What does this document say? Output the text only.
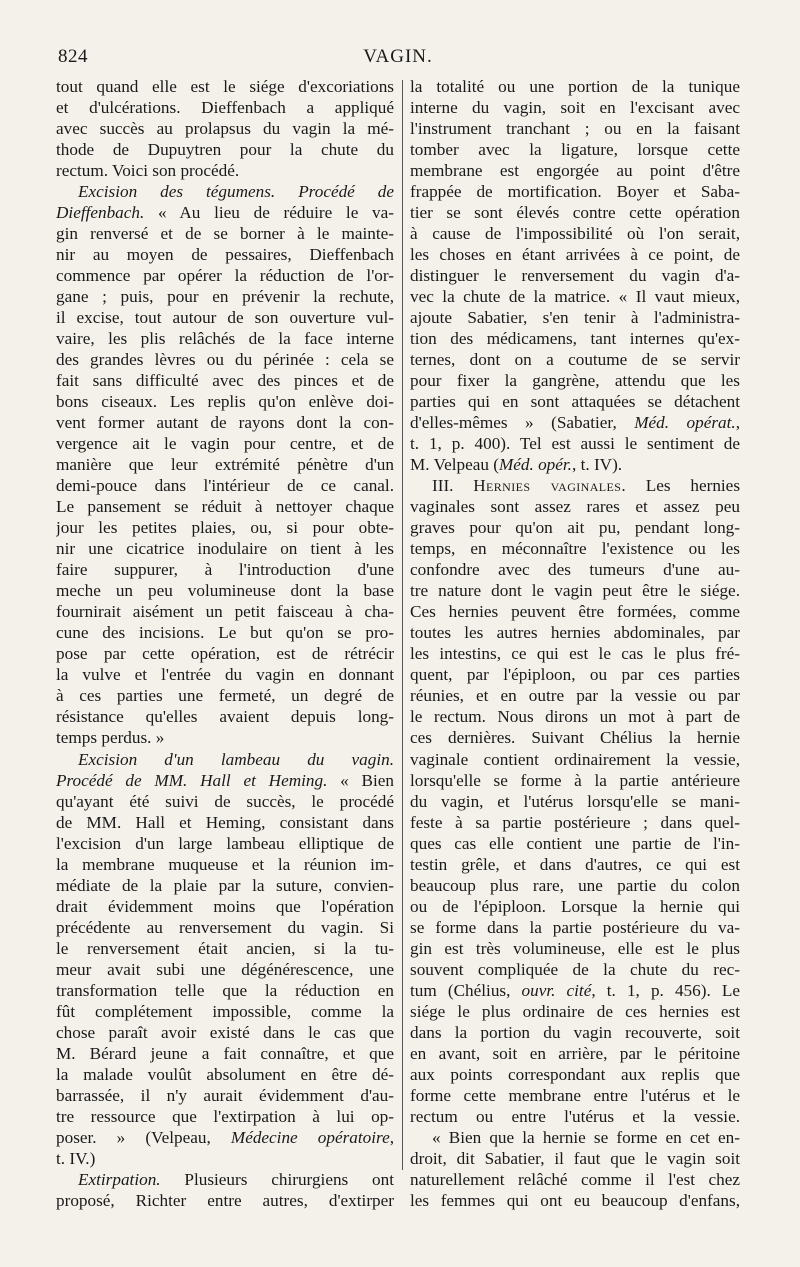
824	VAGIN.
tout quand elle est le siége d'excoriations
et d'ulcérations. Dieffenbach a appliqué
avec succès au prolapsus du vagin la mé-
thode de Dupuytren pour la chute du
rectum. Voici son procédé.
Excision des tégumens. Procédé de
Dieffenbach. « Au lieu de réduire le va-
gin renversé et de se borner à le mainte-
nir au moyen de pessaires, Dieffenbach
commence par opérer la réduction de l'or-
gane ; puis, pour en prévenir la rechute,
il excise, tout autour de son ouverture vul-
vaire, les plis relâchés de la face interne
des grandes lèvres ou du périnée : cela se
fait sans difficulté avec des pinces et de
bons ciseaux. Les replis qu'on enlève doi-
vent former autant de rayons dont la con-
vergence ait le vagin pour centre, et de
manière que leur extrémité pénètre d'un
demi-pouce dans l'intérieur de ce canal.
Le pansement se réduit à nettoyer chaque
jour les petites plaies, ou, si pour obte-
nir une cicatrice inodulaire on tient à les
faire suppurer, à l'introduction d'une
meche un peu volumineuse dont la base
fournirait aisément un petit faisceau à cha-
cune des incisions. Le but qu'on se pro-
pose par cette opération, est de rétrécir
la vulve et l'entrée du vagin en donnant
à ces parties une fermeté, un degré de
résistance qu'elles avaient depuis long-
temps perdus. »
Excision d'un lambeau du vagin.
Procédé de MM. Hall et Heming. « Bien
qu'ayant été suivi de succès, le procédé
de MM. Hall et Heming, consistant dans
l'excision d'un large lambeau elliptique de
la membrane muqueuse et la réunion im-
médiate de la plaie par la suture, convien-
drait évidemment moins que l'opération
précédente au renversement du vagin. Si
le renversement était ancien, si la tu-
meur avait subi une dégénérescence, une
transformation telle que la réduction en
fût complétement impossible, comme la
chose paraît avoir existé dans le cas que
M. Bérard jeune a fait connaître, et que
la malade voulût absolument en être dé-
barrassée, il n'y aurait évidemment d'au-
tre ressource que l'extirpation à lui op-
poser. » (Velpeau, Médecine opératoire,
t. IV.)
Extirpation. Plusieurs chirurgiens ont
proposé, Richter entre autres, d'extirper
la totalité ou une portion de la tunique
interne du vagin, soit en l'excisant avec
l'instrument tranchant ; ou en la faisant
tomber avec la ligature, lorsque cette
membrane est engorgée au point d'être
frappée de mortification. Boyer et Saba-
tier se sont élevés contre cette opération
à cause de l'impossibilité où l'on serait,
les choses en étant arrivées à ce point, de
distinguer le renversement du vagin d'a-
vec la chute de la matrice. « Il vaut mieux,
ajoute Sabatier, s'en tenir à l'administra-
tion des médicamens, tant internes qu'ex-
ternes, dont on a coutume de se servir
pour fixer la gangrène, attendu que les
parties qui en sont attaquées se détachent
d'elles-mêmes » (Sabatier, Méd. opérat.,
t. 1, p. 400). Tel est aussi le sentiment de
M. Velpeau (Méd. opér., t. IV).
III. Hernies vaginales. Les hernies
vaginales sont assez rares et assez peu
graves pour qu'on ait pu, pendant long-
temps, en méconnaître l'existence ou les
confondre avec des tumeurs d'une au-
tre nature dont le vagin peut être le siége.
Ces hernies peuvent être formées, comme
toutes les autres hernies abdominales, par
les intestins, ce qui est le cas le plus fré-
quent, par l'épiploon, ou par ces parties
réunies, et en outre par la vessie ou par
le rectum. Nous dirons un mot à part de
ces dernières. Suivant Chélius la hernie
vaginale contient ordinairement la vessie,
lorsqu'elle se forme à la partie antérieure
du vagin, et l'utérus lorsqu'elle se mani-
feste à sa partie postérieure ; dans quel-
ques cas elle contient une partie de l'in-
testin grêle, et dans d'autres, ce qui est
beaucoup plus rare, une partie du colon
ou de l'épiploon. Lorsque la hernie qui
se forme dans la partie postérieure du va-
gin est très volumineuse, elle est le plus
souvent compliquée de la chute du rec-
tum (Chélius, ouvr. cité, t. 1, p. 456). Le
siége le plus ordinaire de ces hernies est
dans la portion du vagin recouverte, soit
en avant, soit en arrière, par le péritoine
aux points correspondant aux replis que
forme cette membrane entre l'utérus et le
rectum ou entre l'utérus et la vessie.
« Bien que la hernie se forme en cet en-
droit, dit Sabatier, il faut que le vagin soit
naturellement relâché comme il l'est chez
les femmes qui ont eu beaucoup d'enfans,
